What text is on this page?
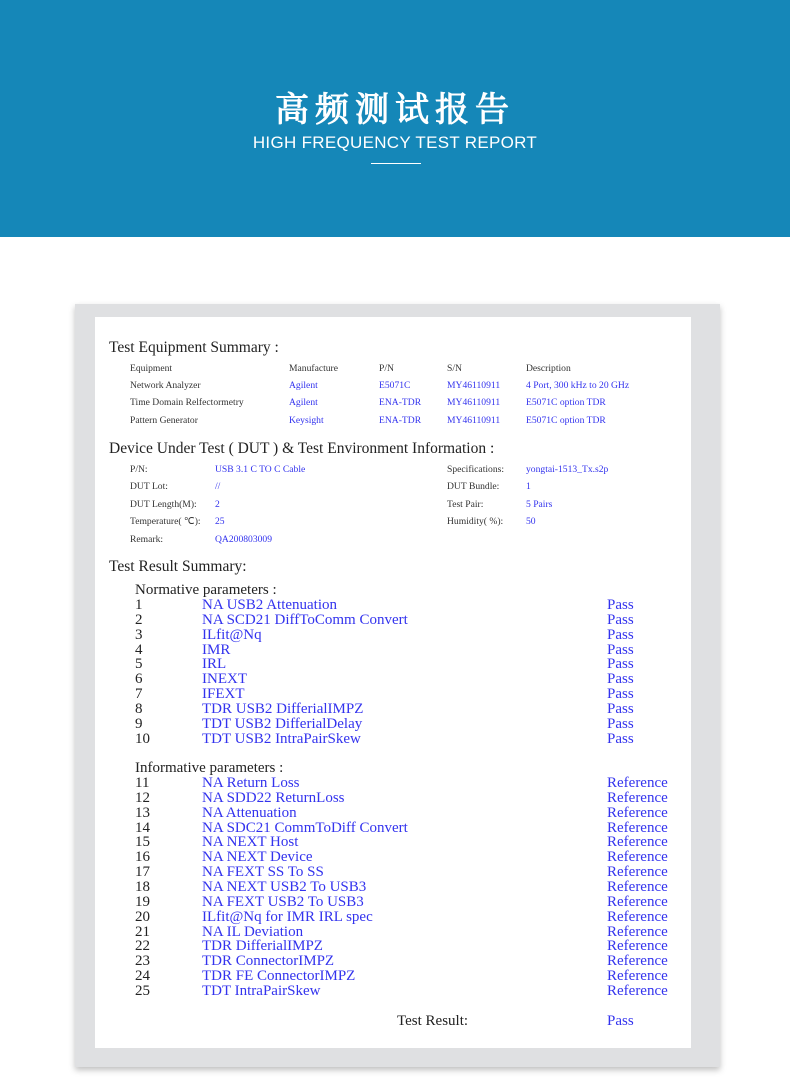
高频测试报告
HIGH FREQUENCY TEST REPORT
Test Equipment Summary :
Device Under Test ( DUT ) & Test Environment Information :
Test Result Summary:
Normative parameters :
Informative parameters :
Test Result:	Pass
Equipment	Manufacture	P/N	S/N	Description
Network Analyzer	Agilent	E5071C	MY46110911	4 Port, 300 kHz to 20 GHz
Time Domain Relfectormetry	Agilent	ENA-TDR	MY46110911	E5071C option TDR
Pattern Generator	Keysight	ENA-TDR	MY46110911	E5071C option TDR
P/N:	USB 3.1 C TO C Cable
DUT Lot:	//
DUT Length(M): 2
Temperature( ℃): 25
Remark:	QA200803009
Specifications: yongtai-1513_Tx.s2p
DUT Bundle:	1
Test Pair:	5 Pairs
Humidity( %): 50
1	NA USB2 Attenuation	Pass
2	NA SCD21 DiffToComm Convert	Pass
3	ILfit@Nq	Pass
4	IMR	Pass
5	IRL	Pass
6	INEXT	Pass
7	IFEXT	Pass
8	TDR USB2 DifferialIMPZ	Pass
9	TDT USB2 DifferialDelay	Pass
10	TDT USB2 IntraPairSkew	Pass
11	NA Return Loss	Reference
12	NA SDD22 ReturnLoss	Reference
13	NA Attenuation	Reference
14	NA SDC21 CommToDiff Convert	Reference
15	NA NEXT Host	Reference
16	NA NEXT Device	Reference
17	NA FEXT SS To SS	Reference
18	NA NEXT USB2 To USB3	Reference
19	NA FEXT USB2 To USB3	Reference
20	ILfit@Nq for IMR IRL spec	Reference
21	NA IL Deviation	Reference
22	TDR DifferialIMPZ	Reference
23	TDR ConnectorIMPZ	Reference
24	TDR FE ConnectorIMPZ	Reference
25	TDT IntraPairSkew	Reference
